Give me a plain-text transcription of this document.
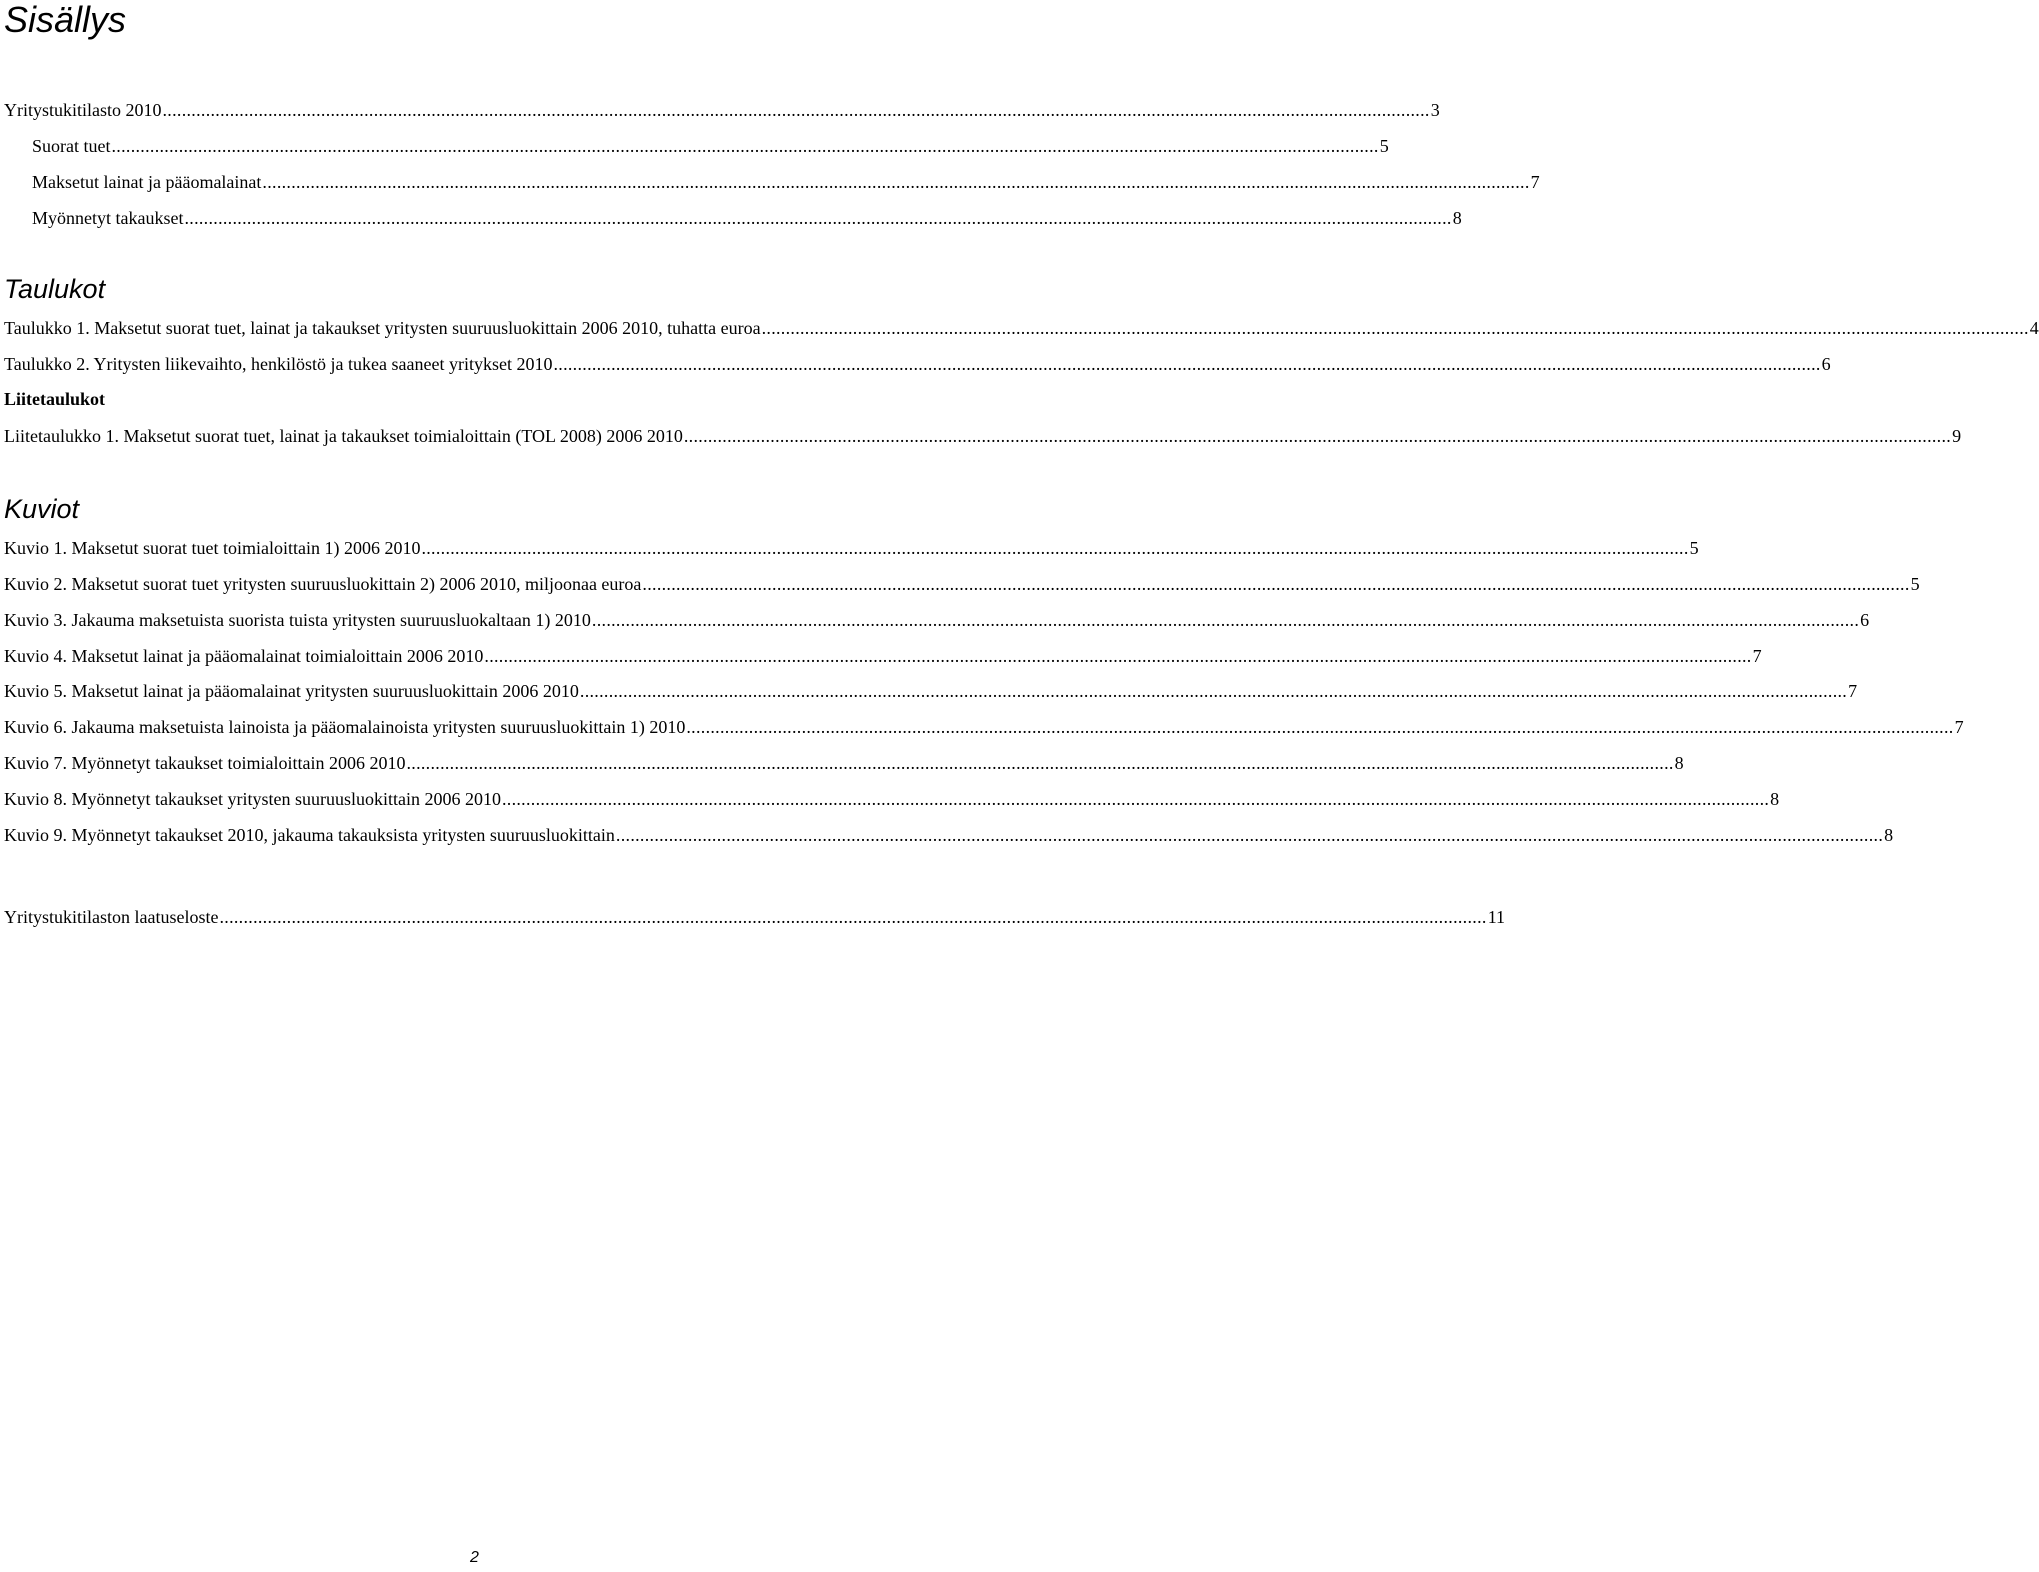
Sisällys
Yritystukitilasto 2010 ........................................................................................................................................................................................................................................................................ 3
Suorat tuet ........................................................................................................................................................................................................................................................................ 5
Maksetut lainat ja pääomalainat ........................................................................................................................................................................................................................................................................ 7
Myönnetyt takaukset ........................................................................................................................................................................................................................................................................ 8
Taulukot
Taulukko 1. Maksetut suorat tuet, lainat ja takaukset yritysten suuruusluokittain 2006 2010, tuhatta euroa ........................................................................................................................................................................................................................................................................ 4
Taulukko 2. Yritysten liikevaihto, henkilöstö ja tukea saaneet yritykset 2010 ........................................................................................................................................................................................................................................................................ 6
Liitetaulukot
Liitetaulukko 1. Maksetut suorat tuet, lainat ja takaukset toimialoittain (TOL 2008) 2006 2010 ........................................................................................................................................................................................................................................................................ 9
Kuviot
Kuvio 1. Maksetut suorat tuet toimialoittain 1) 2006 2010 ........................................................................................................................................................................................................................................................................ 5
Kuvio 2. Maksetut suorat tuet yritysten suuruusluokittain 2) 2006 2010, miljoonaa euroa ........................................................................................................................................................................................................................................................................ 5
Kuvio 3. Jakauma maksetuista suorista tuista yritysten suuruusluokaltaan 1) 2010 ........................................................................................................................................................................................................................................................................ 6
Kuvio 4. Maksetut lainat ja pääomalainat toimialoittain 2006 2010 ........................................................................................................................................................................................................................................................................ 7
Kuvio 5. Maksetut lainat ja pääomalainat yritysten suuruusluokittain 2006 2010 ........................................................................................................................................................................................................................................................................ 7
Kuvio 6. Jakauma maksetuista lainoista ja pääomalainoista yritysten suuruusluokittain 1) 2010 ........................................................................................................................................................................................................................................................................ 7
Kuvio 7. Myönnetyt takaukset toimialoittain 2006 2010 ........................................................................................................................................................................................................................................................................ 8
Kuvio 8. Myönnetyt takaukset yritysten suuruusluokittain 2006 2010 ........................................................................................................................................................................................................................................................................ 8
Kuvio 9. Myönnetyt takaukset 2010, jakauma takauksista yritysten suuruusluokittain ........................................................................................................................................................................................................................................................................ 8
Yritystukitilaston laatuseloste ........................................................................................................................................................................................................................................................................ 11
2
